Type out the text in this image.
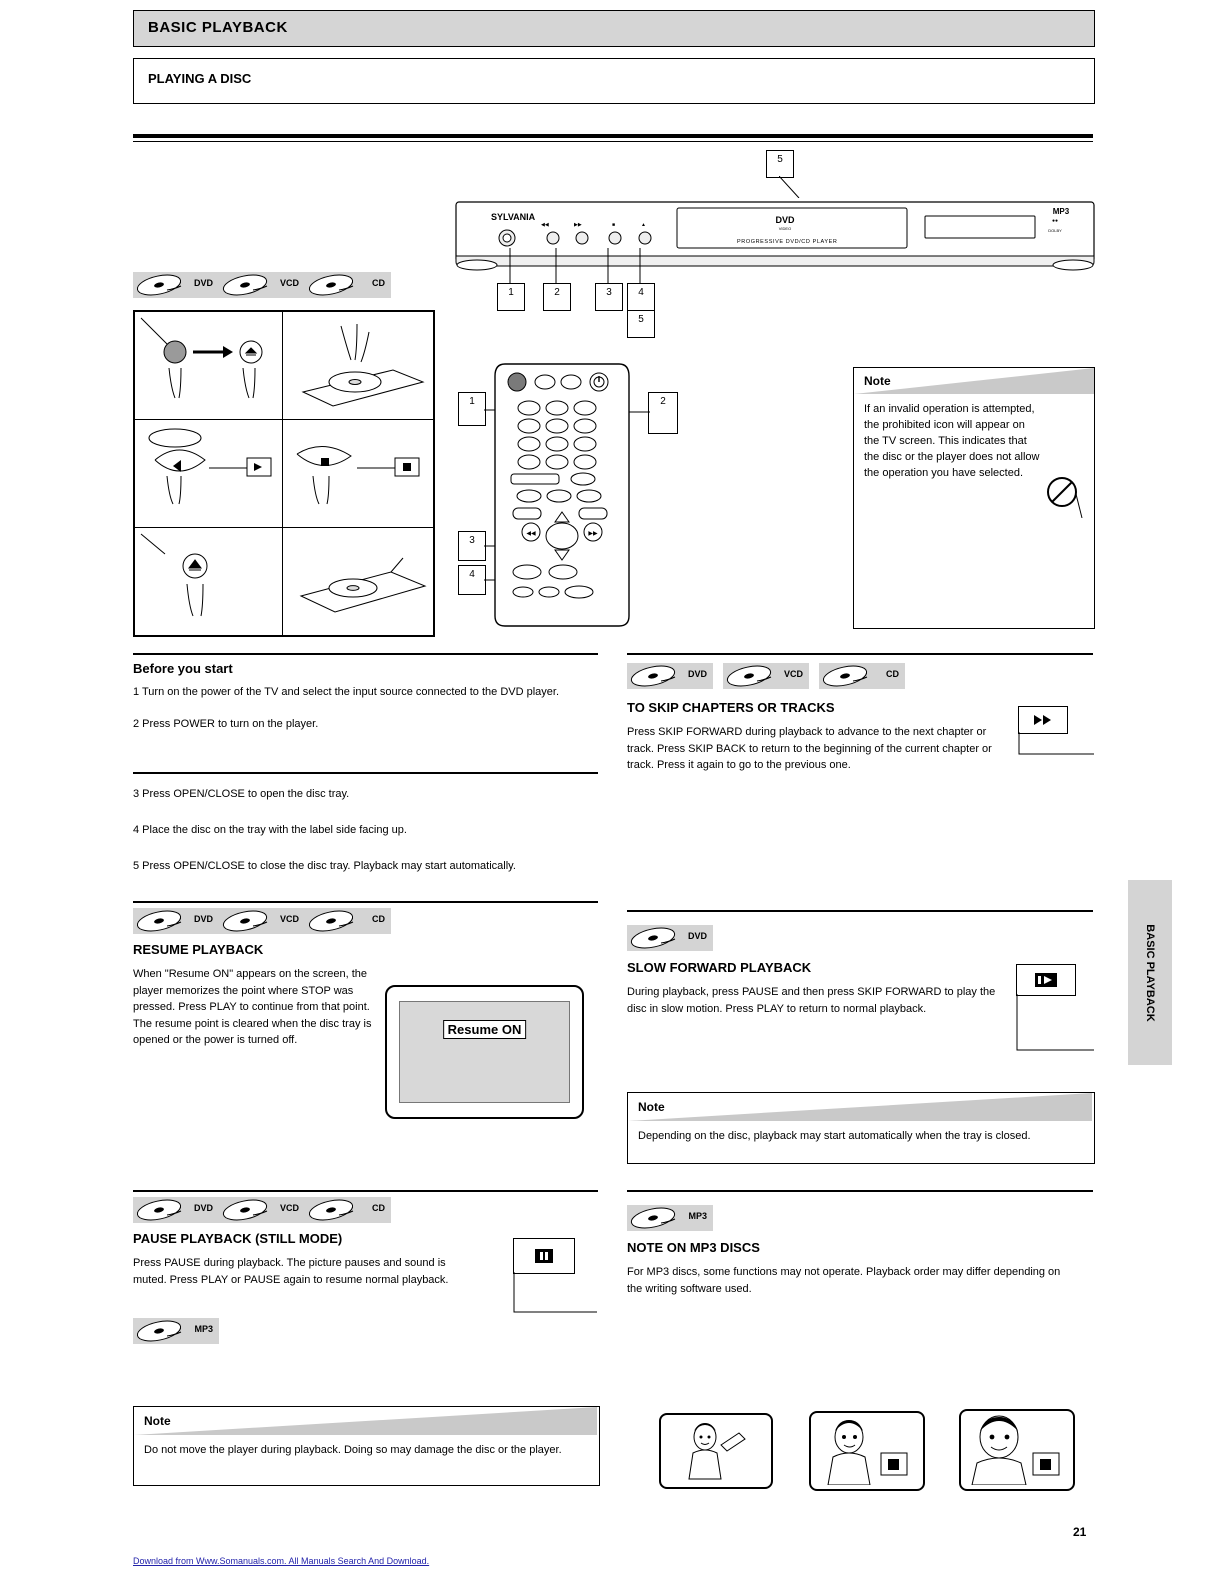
BASIC PLAYBACK
PLAYING A DISC
5
SYLVANIA
◀◀	▶▶	■	▲	DVD
VIDEO
PROGRESSIVE DVD/CD PLAYER
●●
DOLBY
MP3
1	2	3	4
5
DVD	VCD	CD
1	2
3
4
◀◀	▶▶
Note
If an invalid operation is attempted, the prohibited icon will appear on the TV screen. This indicates that the disc or the player does not allow the operation you have selected.
Before you start
1 Turn on the power of the TV and select the input source connected to the DVD player.
2 Press POWER to turn on the player.
3 Press OPEN/CLOSE to open the disc tray.
4 Place the disc on the tray with the label side facing up.
5 Press OPEN/CLOSE to close the disc tray. Playback may start automatically.
DVD	VCD	CD
RESUME PLAYBACK
When "Resume ON" appears on the screen, the player memorizes the point where STOP was pressed. Press PLAY to continue from that point. The resume point is cleared when the disc tray is opened or the power is turned off.
Resume ON
DVD	VCD	CD
PAUSE PLAYBACK (STILL MODE)
Press PAUSE during playback. The picture pauses and sound is muted. Press PLAY or PAUSE again to resume normal playback.
MP3
Note
Do not move the player during playback. Doing so may damage the disc or the player.
DVD	VCD	CD
TO SKIP CHAPTERS OR TRACKS
Press SKIP FORWARD during playback to advance to the next chapter or track. Press SKIP BACK to return to the beginning of the current chapter or track. Press it again to go to the previous one.
DVD
SLOW FORWARD PLAYBACK
During playback, press PAUSE and then press SKIP FORWARD to play the disc in slow motion. Press PLAY to return to normal playback.
Note
Depending on the disc, playback may start automatically when the tray is closed.
MP3
NOTE ON MP3 DISCS
For MP3 discs, some functions may not operate. Playback order may differ depending on the writing software used.
BASIC PLAYBACK
21
Download from Www.Somanuals.com. All Manuals Search And Download.
